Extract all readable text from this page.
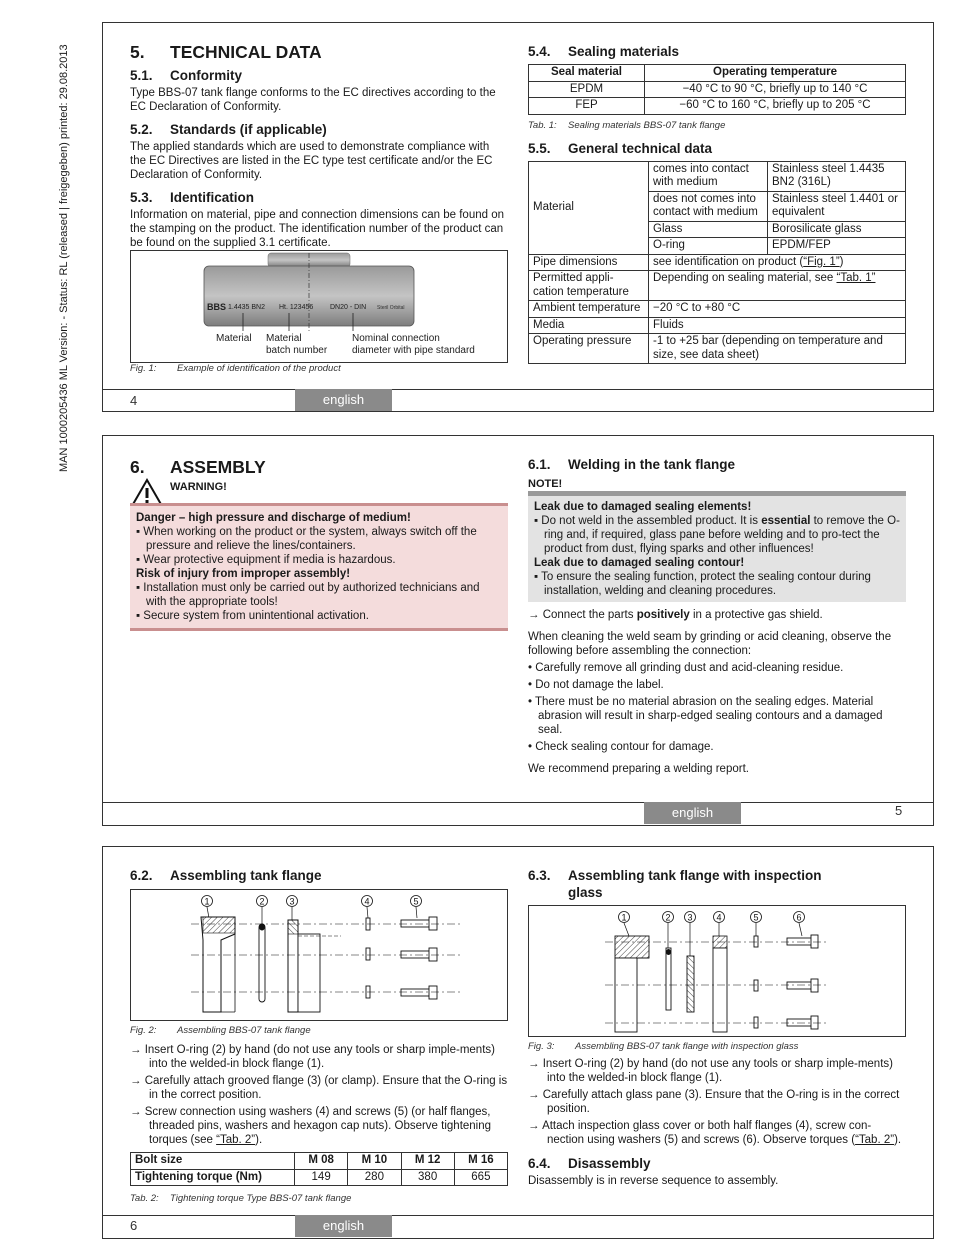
MAN 1000205436 ML Version: - Status: RL (released | freigegeben) printed: 29.08.2013	5. TECHNICAL DATA
5.1. Conformity

Type BBS-07 tank flange conforms to the EC directives according to the EC Declaration of Conformity.

5.2. Standards (if applicable)

The applied standards which are used to demonstrate compliance with the EC Directives are listed in the EC type test certificate and/or the EC Declaration of Conformity.

5.3. Identification

Information on material, pipe and connection dimensions can be found on the stamping on the product. The identification number of the product can be found on the supplied 3.1 certificate.

BBS 1.4435 BN2 Ht. 123456 DN20 - DIN Steril Orbital
Material Material
batch number
Nominal connection
diameter with pipe standard
Fig. 1: Example of identification of the product
5.4. Sealing materials
Seal material	Operating temperature
EPDM	−40 °C to 90 °C, briefly up to 140 °C
FEP	−60 °C to 160 °C, briefly up to 205 °C
Tab. 1: Sealing materials BBS-07 tank flange
5.5. General technical data
Material	comes into contact with medium	Stainless steel 1.4435 BN2 (316L)
	does not comes into contact with medium	Stainless steel 1.4401 or equivalent
	Glass	Borosilicate glass
	O-ring	EPDM/FEP
Pipe dimensions	see identification on product (“Fig. 1”)	
Permitted appli-cation temperature	Depending on sealing material, see “Tab. 1”	
Ambient temperature	−20 °C to +80 °C	
Media	Fluids	
Operating pressure	-1 to +25 bar (depending on temperature and size, see data sheet)	
4	english
6. ASSEMBLY
WARNING!

Danger – high pressure and discharge of medium!

▪ When working on the product or the system, always switch off the pressure and relieve the lines/containers.

▪ Wear protective equipment if media is hazardous.

Risk of injury from improper assembly!

▪ Installation must only be carried out by authorized technicians and with the appropriate tools!

▪ Secure system from unintentional activation.

6.1. Welding in the tank flange
NOTE!

Leak due to damaged sealing elements!

▪ Do not weld in the assembled product. It is essential to remove the O-ring and, if required, glass pane before welding and to pro-tect the product from dust, flying sparks and other influences!

Leak due to damaged sealing contour!

▪ To ensure the sealing function, protect the sealing contour during installation, welding and cleaning procedures.

→ Connect the parts positively in a protective gas shield.

When cleaning the weld seam by grinding or acid cleaning, observe the following before assembling the connection:

• Carefully remove all grinding dust and acid-cleaning residue.

• Do not damage the label.

• There must be no material abrasion on the sealing edges. Material abrasion will result in sharp-edged sealing contours and a damaged seal.

• Check sealing contour for damage.

We recommend preparing a welding report.

english	5
6.2. Assembling tank flange
1	2	3	4	5
Fig. 2: Assembling BBS-07 tank flange

→ Insert O-ring (2) by hand (do not use any tools or sharp imple-ments) into the welded-in block flange (1).

→ Carefully attach grooved flange (3) (or clamp). Ensure that the O-ring is in the correct position.

→ Screw connection using washers (4) and screws (5) (or half flanges, threaded pins, washers and hexagon cap nuts). Observe tightening torques (see “Tab. 2”).

Bolt size	M 08	M 10	M 12	M 16
Tightening torque (Nm)	149	280	380	665
Tab. 2: Tightening torque Type BBS-07 tank flange
6.3. Assembling tank flange with inspection
glass
1	2 3	4	5	6
Fig. 3: Assembling BBS-07 tank flange with inspection glass

→ Insert O-ring (2) by hand (do not use any tools or sharp imple-ments) into the welded-in block flange (1).

→ Carefully attach glass pane (3). Ensure that the O-ring is in the correct position.

→ Attach inspection glass cover or both half flanges (4), screw con-nection using washers (5) and screws (6). Observe torques (“Tab. 2”).

6.4. Disassembly

Disassembly is in reverse sequence to assembly.

6	english
